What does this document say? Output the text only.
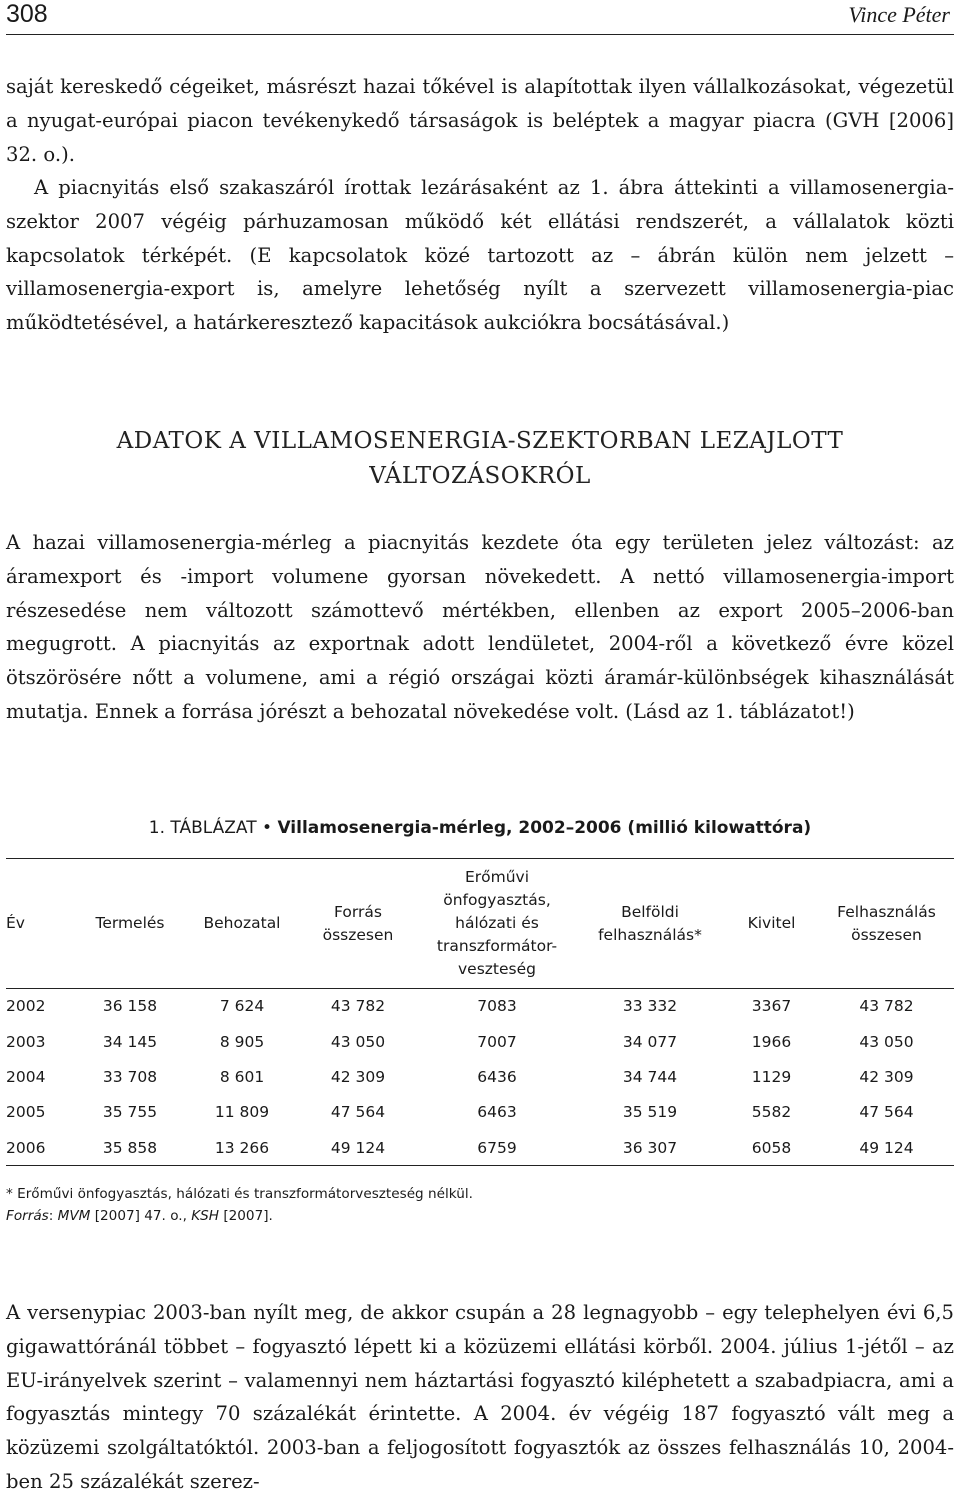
308	Vince Péter

saját kereskedő cégeiket, másrészt hazai tőkével is alapítottak ilyen vállalkozásokat, végezetül a nyugat-európai piacon tevékenykedő társaságok is beléptek a magyar piacra (GVH [2006] 32. o.).

A piacnyitás első szakaszáról írottak lezárásaként az 1. ábra áttekinti a villamosenergia-szektor 2007 végéig párhuzamosan működő két ellátási rendszerét, a vállalatok közti kapcsolatok térképét. (E kapcsolatok közé tartozott az – ábrán külön nem jelzett – villamosenergia-export is, amelyre lehetőség nyílt a szervezett villamosenergia-piac működtetésével, a határkeresztező kapacitások aukciókra bocsátásával.)

ADATOK A VILLAMOSENERGIA-SZEKTORBAN LEZAJLOTT
VÁLTOZÁSOKRÓL

A hazai villamosenergia-mérleg a piacnyitás kezdete óta egy területen jelez változást: az áramexport és -import volumene gyorsan növekedett. A nettó villamosenergia-import részesedése nem változott számottevő mértékben, ellenben az export 2005–2006-ban megugrott. A piacnyitás az exportnak adott lendületet, 2004-ről a következő évre közel ötszörösére nőtt a volumene, ami a régió országai közti áramár-különbségek kihasználását mutatja. Ennek a forrása jórészt a behozatal növekedése volt. (Lásd az 1. táblázatot!)

1. TÁBLÁZAT • Villamosenergia-mérleg, 2002–2006 (millió kilowattóra)
Év	Termelés	Behozatal	Forrás összesen	Erőművi önfogyasztás, hálózati és transzformátor-veszteség	Belföldi felhasználás*	Kivitel	Felhasználás összesen
2002	36 158	7 624	43 782	7083	33 332	3367	43 782
2003	34 145	8 905	43 050	7007	34 077	1966	43 050
2004	33 708	8 601	42 309	6436	34 744	1129	42 309
2005	35 755	11 809	47 564	6463	35 519	5582	47 564
2006	35 858	13 266	49 124	6759	36 307	6058	49 124
* Erőművi önfogyasztás, hálózati és transzformátorveszteség nélkül.
Forrás: MVM [2007] 47. o., KSH [2007].

A versenypiac 2003-ban nyílt meg, de akkor csupán a 28 legnagyobb – egy telephelyen évi 6,5 gigawattóránál többet – fogyasztó lépett ki a közüzemi ellátási körből. 2004. július 1-jétől – az EU-irányelvek szerint – valamennyi nem háztartási fogyasztó kiléphetett a szabadpiacra, ami a fogyasztás mintegy 70 százalékát érintette. A 2004. év végéig 187 fogyasztó vált meg a közüzemi szolgáltatóktól. 2003-ban a feljogosított fogyasztók az összes felhasználás 10, 2004-ben 25 százalékát szerez-
